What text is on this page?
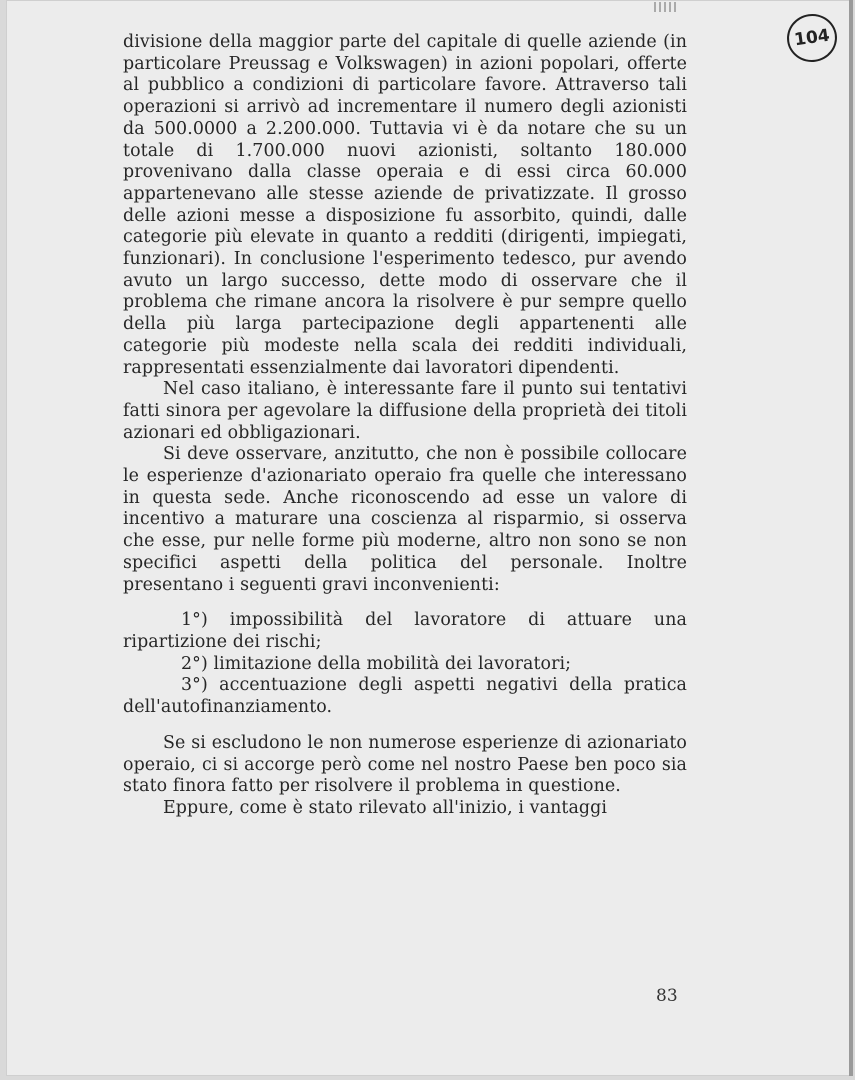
104

divisione della maggior parte del capitale di quelle aziende (in particolare Preussag e Volkswagen) in azioni popolari, offerte al pubblico a condizioni di particolare favore. Attraverso tali operazioni si arrivò ad incrementare il numero degli azionisti da 500.0000 a 2.200.000. Tuttavia vi è da notare che su un totale di 1.700.000 nuovi azionisti, soltanto 180.000 provenivano dalla classe operaia e di essi circa 60.000 appartenevano alle stesse aziende de privatizzate. Il grosso delle azioni messe a disposizione fu assorbito, quindi, dalle categorie più elevate in quanto a redditi (dirigenti, impiegati, funzionari). In conclusione l'esperimento tedesco, pur avendo avuto un largo successo, dette modo di osservare che il problema che rimane ancora la risolvere è pur sempre quello della più larga partecipazione degli appartenenti alle categorie più modeste nella scala dei redditi individuali, rappresentati essenzialmente dai lavoratori dipendenti.

Nel caso italiano, è interessante fare il punto sui tentativi fatti sinora per agevolare la diffusione della proprietà dei titoli azionari ed obbligazionari.

Si deve osservare, anzitutto, che non è possibile collocare le esperienze d'azionariato operaio fra quelle che interessano in questa sede. Anche riconoscendo ad esse un valore di incentivo a maturare una coscienza al risparmio, si osserva che esse, pur nelle forme più moderne, altro non sono se non specifici aspetti della politica del personale. Inoltre presentano i seguenti gravi inconvenienti:

1°) impossibilità del lavoratore di attuare una ripartizione dei rischi;

2°) limitazione della mobilità dei lavoratori;

3°) accentuazione degli aspetti negativi della pratica dell'autofinanziamento.

Se si escludono le non numerose esperienze di azionariato operaio, ci si accorge però come nel nostro Paese ben poco sia stato finora fatto per risolvere il problema in questione.

Eppure, come è stato rilevato all'inizio, i vantaggi

83
